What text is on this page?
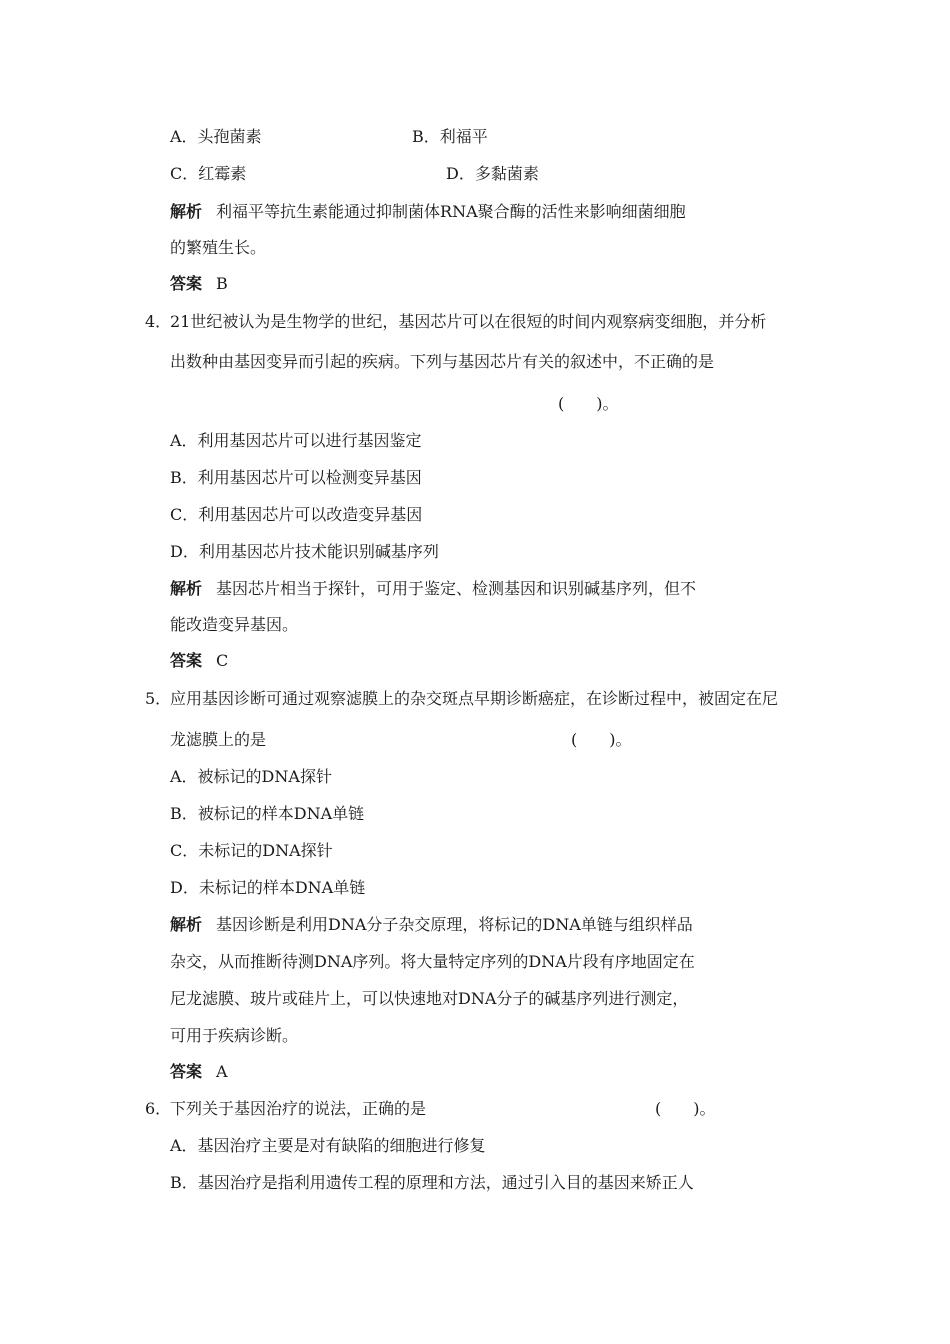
A．头孢菌素	B．利福平
C．红霉素	D．多黏菌素
解析 利福平等抗生素能通过抑制菌体RNA聚合酶的活性来影响细菌细胞
的繁殖生长。
答案 B
4．21世纪被认为是生物学的世纪，基因芯片可以在很短的时间内观察病变细胞，并分析
出数种由基因变异而引起的疾病。下列与基因芯片有关的叙述中，不正确的是
(　　)。
A．利用基因芯片可以进行基因鉴定
B．利用基因芯片可以检测变异基因
C．利用基因芯片可以改造变异基因
D．利用基因芯片技术能识别碱基序列
解析 基因芯片相当于探针，可用于鉴定、检测基因和识别碱基序列，但不
能改造变异基因。
答案 C
5．应用基因诊断可通过观察滤膜上的杂交斑点早期诊断癌症，在诊断过程中，被固定在尼
龙滤膜上的是	(　　)。
A．被标记的DNA探针
B．被标记的样本DNA单链
C．未标记的DNA探针
D．未标记的样本DNA单链
解析 基因诊断是利用DNA分子杂交原理，将标记的DNA单链与组织样品
杂交，从而推断待测DNA序列。将大量特定序列的DNA片段有序地固定在
尼龙滤膜、玻片或硅片上，可以快速地对DNA分子的碱基序列进行测定，
可用于疾病诊断。
答案 A
6．下列关于基因治疗的说法，正确的是	(　　)。
A．基因治疗主要是对有缺陷的细胞进行修复
B．基因治疗是指利用遗传工程的原理和方法，通过引入目的基因来矫正人
